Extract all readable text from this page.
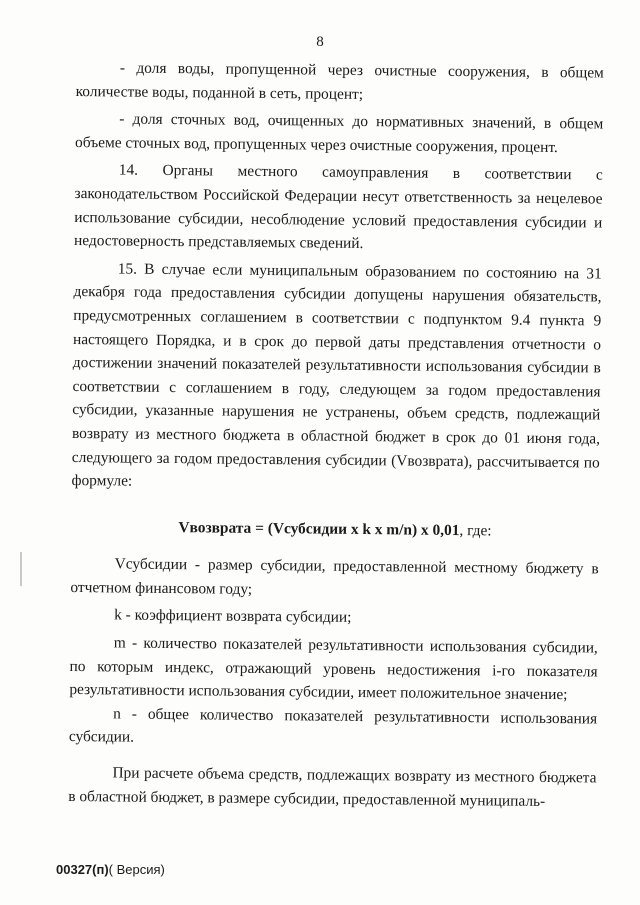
8

- доля воды, пропущенной через очистные сооружения, в общем количестве воды, поданной в сеть, процент;

- доля сточных вод, очищенных до нормативных значений, в общем объеме сточных вод, пропущенных через очистные сооружения, процент.

14. Органы местного самоуправления в соответствии с законодательством Российской Федерации несут ответственность за нецелевое использование субсидии, несоблюдение условий предоставления субсидии и недостоверность представляемых сведений.

15. В случае если муниципальным образованием по состоянию на 31 декабря года предоставления субсидии допущены нарушения обязательств, предусмотренных соглашением в соответствии с подпунктом 9.4 пункта 9 настоящего Порядка, и в срок до первой даты представления отчетности о достижении значений показателей результативности использования субсидии в соответствии с соглашением в году, следующем за годом предоставления субсидии, указанные нарушения не устранены, объем средств, подлежащий возврату из местного бюджета в областной бюджет в срок до 01 июня года, следующего за годом предоставления субсидии (Vвозврата), рассчитывается по формуле:

Vвозврата = (Vсубсидии x k x m/n) x 0,01, где:

Vсубсидии - размер субсидии, предоставленной местному бюджету в отчетном финансовом году;

k - коэффициент возврата субсидии;

m - количество показателей результативности использования субсидии, по которым индекс, отражающий уровень недостижения i-го показателя результативности использования субсидии, имеет положительное значение;

n - общее количество показателей результативности использования субсидии.

При расчете объема средств, подлежащих возврату из местного бюджета в областной бюджет, в размере субсидии, предоставленной муниципаль-

00327(п)( Версия)
